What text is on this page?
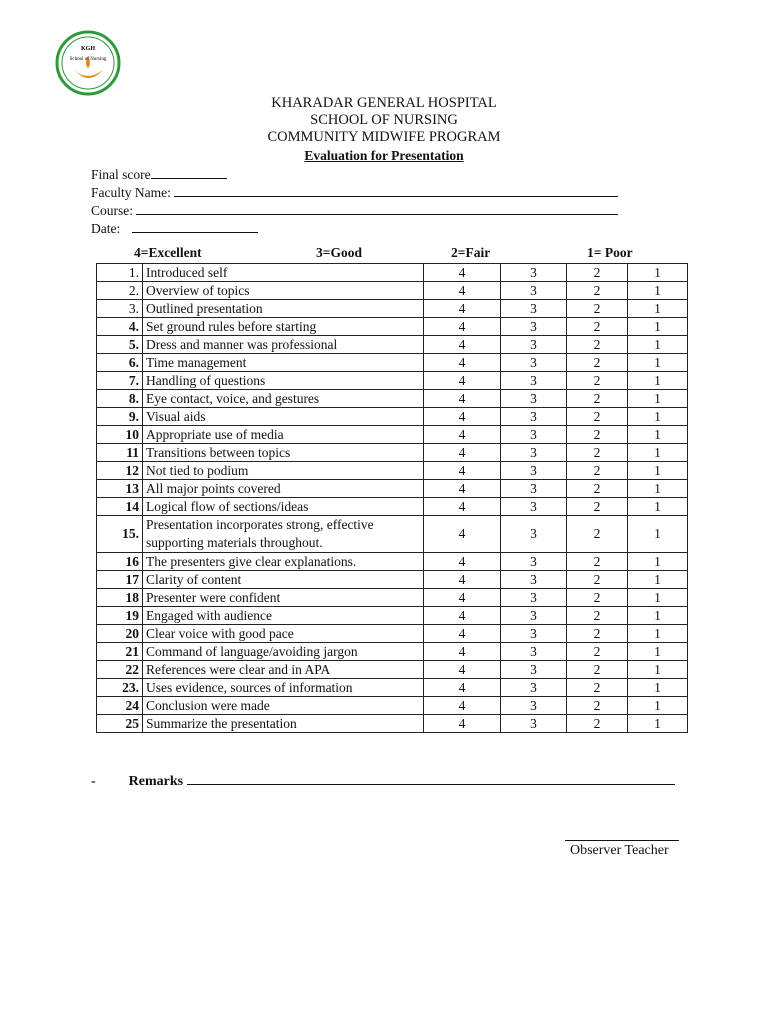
KGH
School of Nursing
KHARADAR GENERAL HOSPITAL
SCHOOL OF NURSING
COMMUNITY MIDWIFE PROGRAM
Evaluation for Presentation
Final score
Faculty Name:
Course:
Date:
4=Excellent	3=Good	2=Fair	1= Poor
1.	Introduced self	4	3	2	1
2.	Overview of topics	4	3	2	1
3.	Outlined presentation	4	3	2	1
4.	Set ground rules before starting	4	3	2	1
5.	Dress and manner was professional	4	3	2	1
6.	Time management	4	3	2	1
7.	Handling of questions	4	3	2	1
8.	Eye contact, voice, and gestures	4	3	2	1
9.	Visual aids	4	3	2	1
10	Appropriate use of media	4	3	2	1
11	Transitions between topics	4	3	2	1
12	Not tied to podium	4	3	2	1
13	All major points covered	4	3	2	1
14	Logical flow of sections/ideas	4	3	2	1
15.	Presentation incorporates strong, effective supporting materials throughout.	4	3	2	1
16	The presenters give clear explanations.	4	3	2	1
17	Clarity of content	4	3	2	1
18	Presenter were confident	4	3	2	1
19	Engaged with audience	4	3	2	1
20	Clear voice with good pace	4	3	2	1
21	Command of language/avoiding jargon	4	3	2	1
22	References were clear and in APA	4	3	2	1
23.	Uses evidence, sources of information	4	3	2	1
24	Conclusion were made	4	3	2	1
25	Summarize the presentation	4	3	2	1
- Remarks
Observer Teacher
